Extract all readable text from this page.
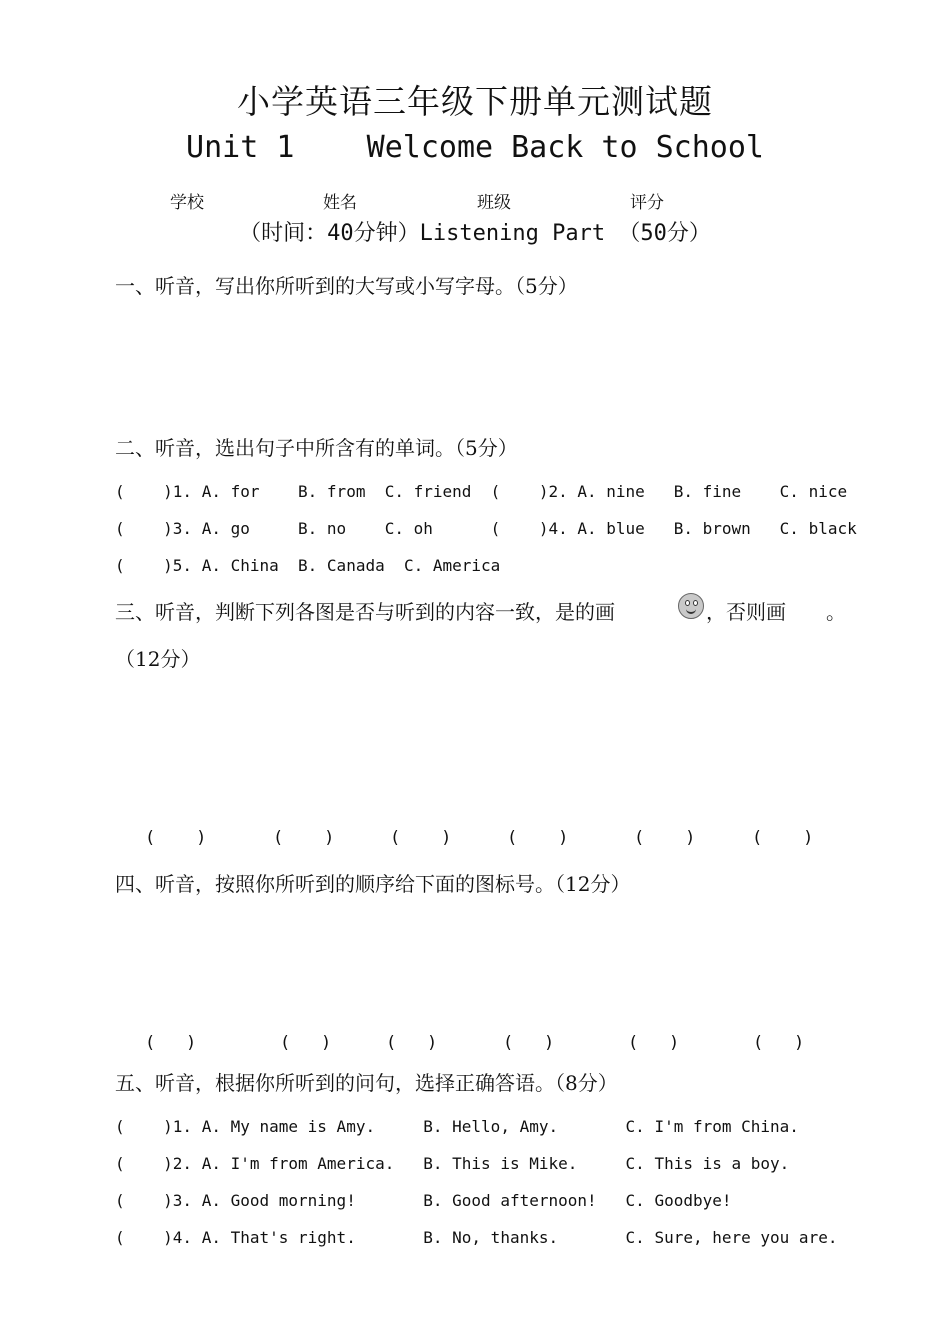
小学英语三年级下册单元测试题
Unit 1    Welcome Back to School
学校	姓名	班级	评分
（时间：40分钟）Listening Part （50分）
一、听音，写出你所听到的大写或小写字母。（5分）
二、听音，选出句子中所含有的单词。（5分）
(    )1. A. for    B. from  C. friend  (    )2. A. nine   B. fine    C. nice
(    )3. A. go     B. no    C. oh      (    )4. A. blue   B. brown   C. black
(    )5. A. China  B. Canada  C. America
三、听音，判断下列各图是否与听到的内容一致，是的画	，否则画 。
（12分）
(    )	(    )	(    )	(    )	(    )	(    )
四、听音，按照你所听到的顺序给下面的图标号。（12分）
(   )	(   )	(   )	(   )	(   )	(   )
五、听音，根据你所听到的问句，选择正确答语。（8分）
(    )1. A. My name is Amy.     B. Hello, Amy.       C. I'm from China.
(    )2. A. I'm from America.   B. This is Mike.     C. This is a boy.
(    )3. A. Good morning!       B. Good afternoon!   C. Goodbye!
(    )4. A. That's right.       B. No, thanks.       C. Sure, here you are.
